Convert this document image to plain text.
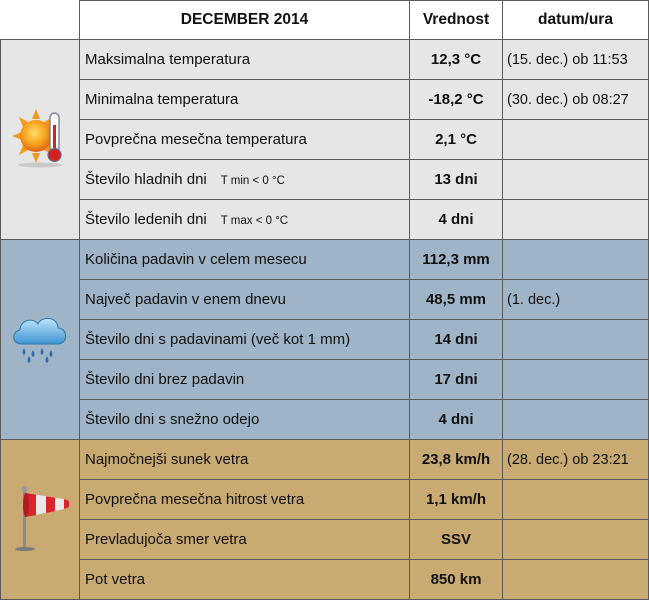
	DECEMBER 2014	Vrednost	datum/ura
	Maksimalna temperatura	12,3 °C	(15. dec.) ob 11:53
	Minimalna temperatura	-18,2 °C	(30. dec.) ob 08:27
	Povprečna mesečna temperatura	2,1 °C	
	Število hladnih dni T min < 0 °C	13 dni	
	Število ledenih dni T max < 0 °C	4 dni	
	Količina padavin v celem mesecu	112,3 mm	
	Največ padavin v enem dnevu	48,5 mm	(1. dec.)
	Število dni s padavinami (več kot 1 mm)	14 dni	
	Število dni brez padavin	17 dni	
	Število dni s snežno odejo	4 dni	
	Najmočnejši sunek vetra	23,8 km/h	(28. dec.) ob 23:21
	Povprečna mesečna hitrost vetra	1,1 km/h	
	Prevladujoča smer vetra	SSV	
	Pot vetra	850 km	
